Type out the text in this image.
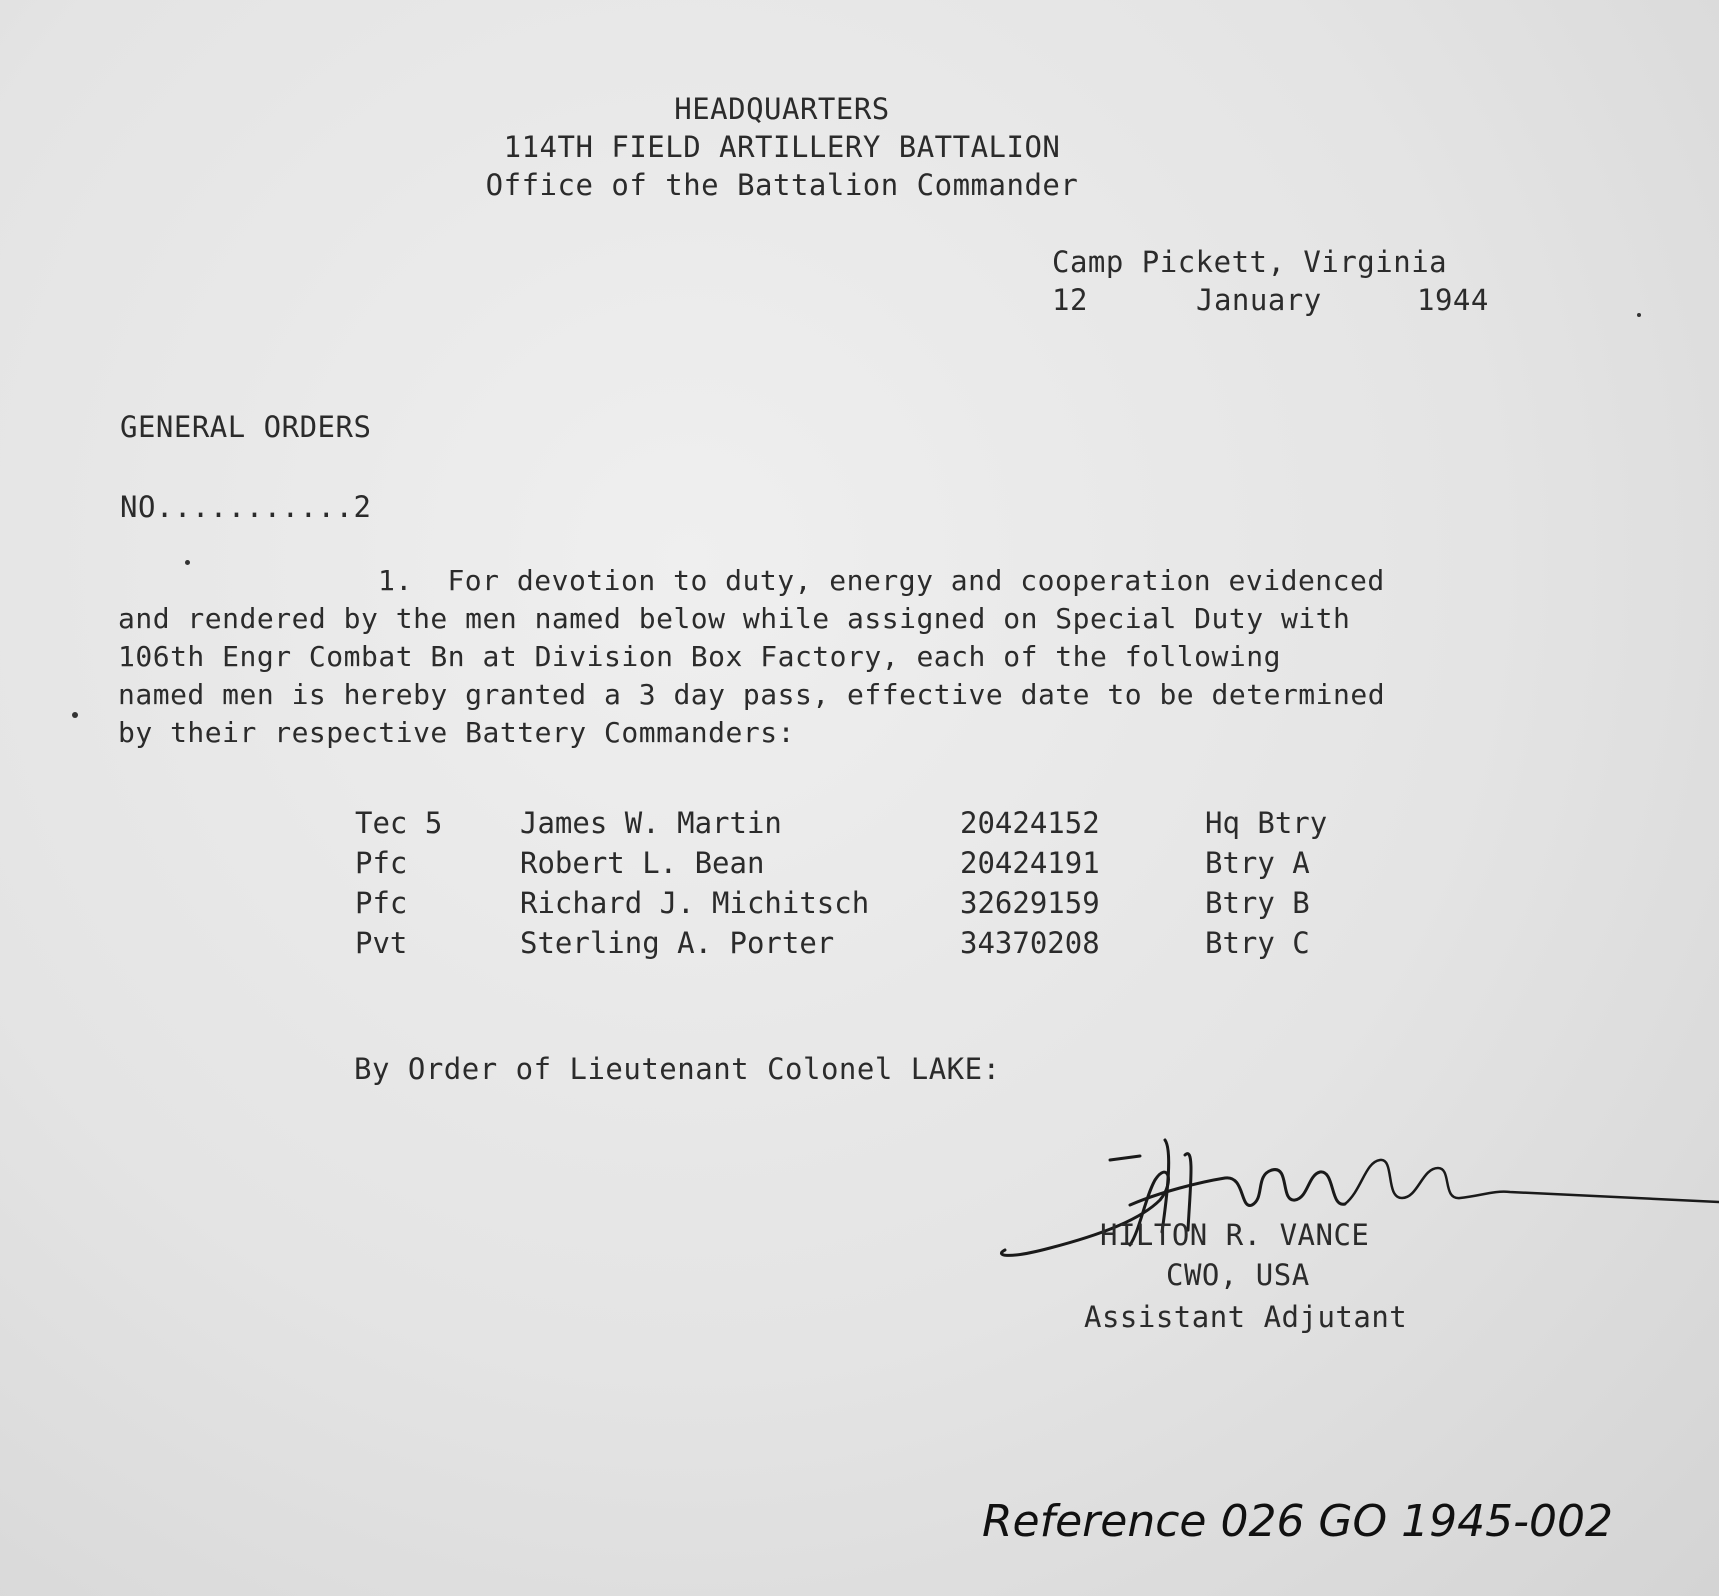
HEADQUARTERS
114TH FIELD ARTILLERY BATTALION
Office of the Battalion Commander
Camp Pickett, Virginia
12	January	1944
GENERAL ORDERS
NO...........2
1. For devotion to duty, energy and cooperation evidenced
and rendered by the men named below while assigned on Special Duty with
106th Engr Combat Bn at Division Box Factory, each of the following
named men is hereby granted a 3 day pass, effective date to be determined
by their respective Battery Commanders:
Tec 5	James W. Martin	20424152	Hq Btry
Pfc	Robert L. Bean	20424191	Btry A
Pfc	Richard J. Michitsch	32629159	Btry B
Pvt	Sterling A. Porter	34370208	Btry C
By Order of Lieutenant Colonel LAKE:
HILTON R. VANCE
CWO, USA
Assistant Adjutant
Reference 026 GO 1945-002
